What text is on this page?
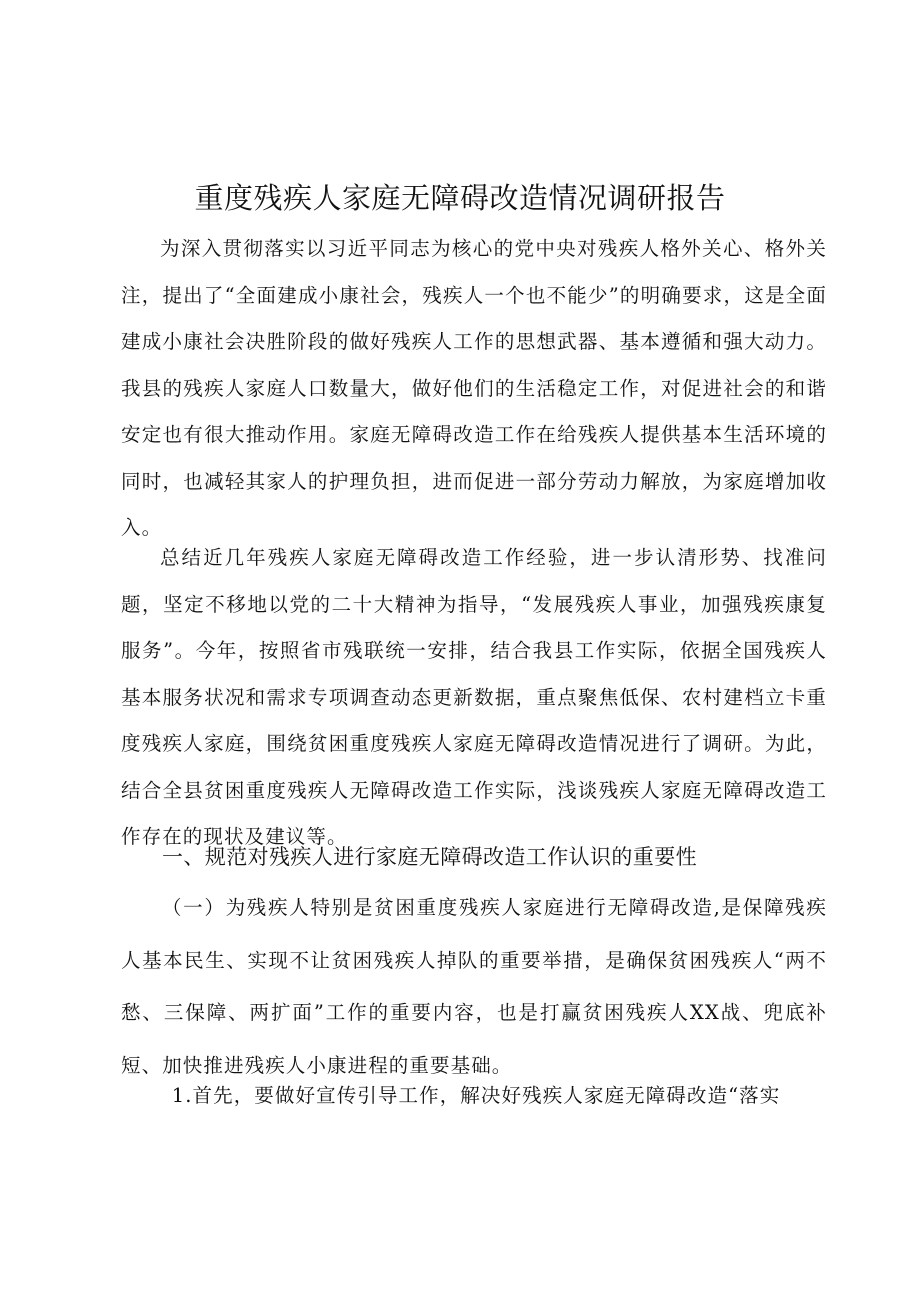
重度残疾人家庭无障碍改造情况调研报告

为深入贯彻落实以习近平同志为核心的党中央对残疾人格外关心、格外关注，提出了“全面建成小康社会，残疾人一个也不能少”的明确要求，这是全面建成小康社会决胜阶段的做好残疾人工作的思想武器、基本遵循和强大动力。我县的残疾人家庭人口数量大，做好他们的生活稳定工作，对促进社会的和谐安定也有很大推动作用。家庭无障碍改造工作在给残疾人提供基本生活环境的同时，也减轻其家人的护理负担，进而促进一部分劳动力解放，为家庭增加收入。

总结近几年残疾人家庭无障碍改造工作经验，进一步认清形势、找准问题，坚定不移地以党的二十大精神为指导，“发展残疾人事业，加强残疾康复服务”。今年，按照省市残联统一安排，结合我县工作实际，依据全国残疾人基本服务状况和需求专项调查动态更新数据，重点聚焦低保、农村建档立卡重度残疾人家庭，围绕贫困重度残疾人家庭无障碍改造情况进行了调研。为此，结合全县贫困重度残疾人无障碍改造工作实际，浅谈残疾人家庭无障碍改造工作存在的现状及建议等。

一、规范对残疾人进行家庭无障碍改造工作认识的重要性

（一）为残疾人特别是贫困重度残疾人家庭进行无障碍改造,是保障残疾人基本民生、实现不让贫困残疾人掉队的重要举措，是确保贫困残疾人“两不愁、三保障、两扩面”工作的重要内容，也是打赢贫困残疾人XX战、兜底补短、加快推进残疾人小康进程的重要基础。

1.首先，要做好宣传引导工作，解决好残疾人家庭无障碍改造“落实
